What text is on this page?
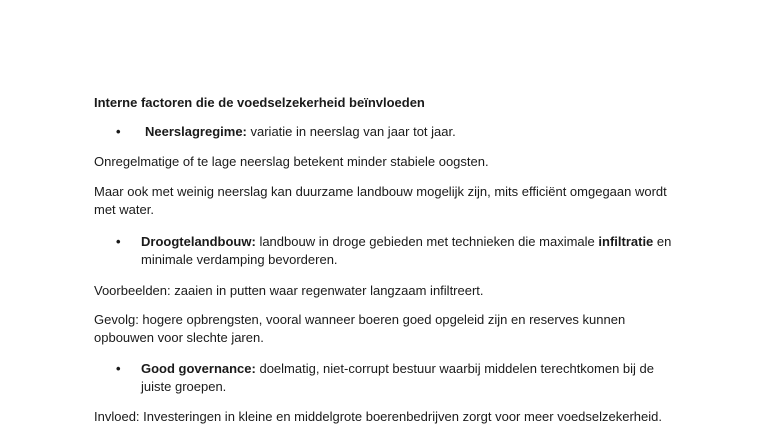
Interne factoren die de voedselzekerheid beïnvloeden
• Neerslagregime: variatie in neerslag van jaar tot jaar.
Onregelmatige of te lage neerslag betekent minder stabiele oogsten.
Maar ook met weinig neerslag kan duurzame landbouw mogelijk zijn, mits efficiënt omgegaan wordt
met water.
• Droogtelandbouw: landbouw in droge gebieden met technieken die maximale infiltratie en
minimale verdamping bevorderen.
Voorbeelden: zaaien in putten waar regenwater langzaam infiltreert.
Gevolg: hogere opbrengsten, vooral wanneer boeren goed opgeleid zijn en reserves kunnen
opbouwen voor slechte jaren.
• Good governance: doelmatig, niet-corrupt bestuur waarbij middelen terechtkomen bij de
juiste groepen.
Invloed: Investeringen in kleine en middelgrote boerenbedrijven zorgt voor meer voedselzekerheid.
